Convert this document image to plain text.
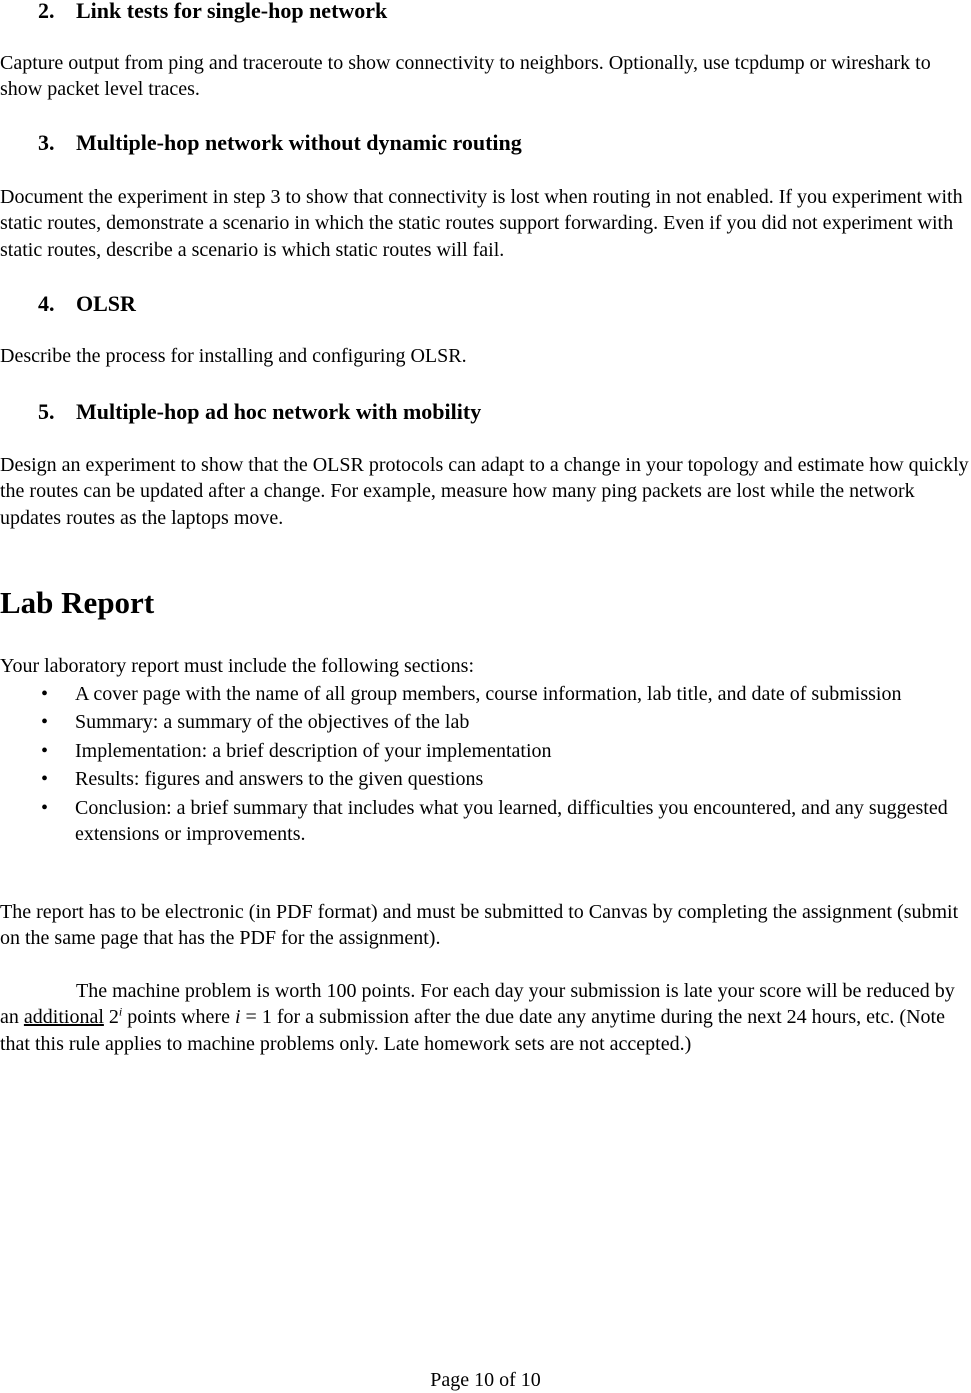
2. Link tests for single-hop network
Capture output from ping and traceroute to show connectivity to neighbors. Optionally, use tcpdump or wireshark to show packet level traces.
3. Multiple-hop network without dynamic routing
Document the experiment in step 3 to show that connectivity is lost when routing in not enabled. If you experiment with static routes, demonstrate a scenario in which the static routes support forwarding. Even if you did not experiment with static routes, describe a scenario is which static routes will fail.
4. OLSR
Describe the process for installing and configuring OLSR.
5. Multiple-hop ad hoc network with mobility
Design an experiment to show that the OLSR protocols can adapt to a change in your topology and estimate how quickly the routes can be updated after a change. For example, measure how many ping packets are lost while the network updates routes as the laptops move.
Lab Report
Your laboratory report must include the following sections:
• A cover page with the name of all group members, course information, lab title, and date of submission
• Summary: a summary of the objectives of the lab
• Implementation: a brief description of your implementation
• Results: figures and answers to the given questions
• Conclusion: a brief summary that includes what you learned, difficulties you encountered, and any suggested extensions or improvements.
The report has to be electronic (in PDF format) and must be submitted to Canvas by completing the assignment (submit on the same page that has the PDF for the assignment).
The machine problem is worth 100 points. For each day your submission is late your score will be reduced by an additional 2$^i$ points where i = 1 for a submission after the due date any anytime during the next 24 hours, etc. (Note that this rule applies to machine problems only. Late homework sets are not accepted.)
Page 10 of 10
